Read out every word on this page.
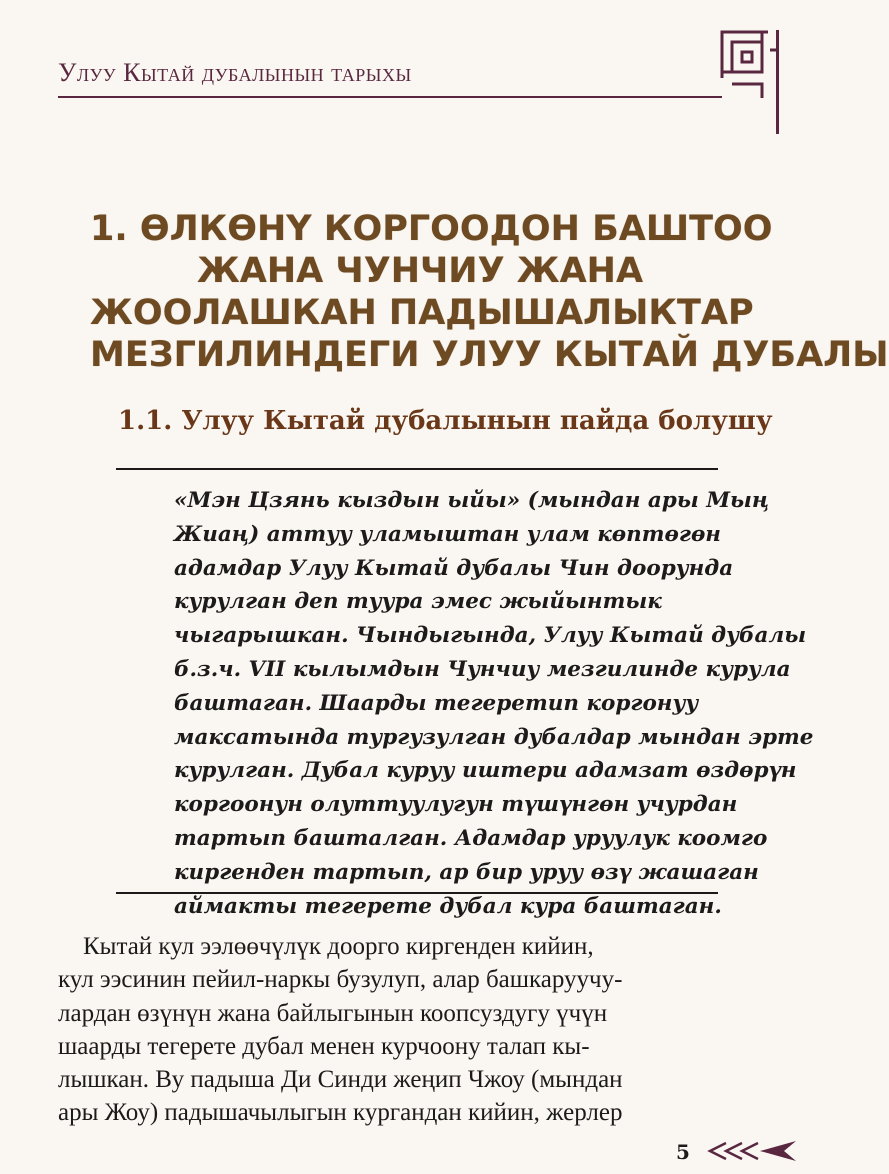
Улуу Кытай дубалынын тарыхы
1. ӨЛКӨНҮ КОРГООДОН БАШТОО
ЖАНА ЧУНЧИУ ЖАНА
ЖООЛАШКАН ПАДЫШАЛЫКТАР
МЕЗГИЛИНДЕГИ УЛУУ КЫТАЙ ДУБАЛЫ
1.1. Улуу Кытай дубалынын пайда болушу
«Мэн Цзянь кыздын ыйы» (мындан ары Мың
Жиаң) аттуу уламыштан улам көптөгөн
адамдар Улуу Кытай дубалы Чин доорунда
курулган деп туура эмес жыйынтык
чыгарышкан. Чындыгында, Улуу Кытай дубалы
б.з.ч. VII кылымдын Чунчиу мезгилинде курула
баштаган. Шаарды тегеретип коргонуу
максатында тургузулган дубалдар мындан эрте
курулган. Дубал куруу иштери адамзат өздөрүн
коргоонун олуттуулугун түшүнгөн учурдан
тартып башталган. Адамдар уруулук коомго
киргенден тартып, ар бир уруу өзү жашаган
аймакты тегерете дубал кура баштаган.
Кытай кул ээлөөчүлүк доорго киргенден кийин,
кул ээсинин пейил-наркы бузулуп, алар башкаруучу-
лардан өзүнүн жана байлыгынын коопсуздугу үчүн
шаарды тегерете дубал менен курчоону талап кы-
лышкан. Ву падыша Ди Синди жеңип Чжоу (мындан
ары Жоу) падышачылыгын кургандан кийин, жерлер
5
